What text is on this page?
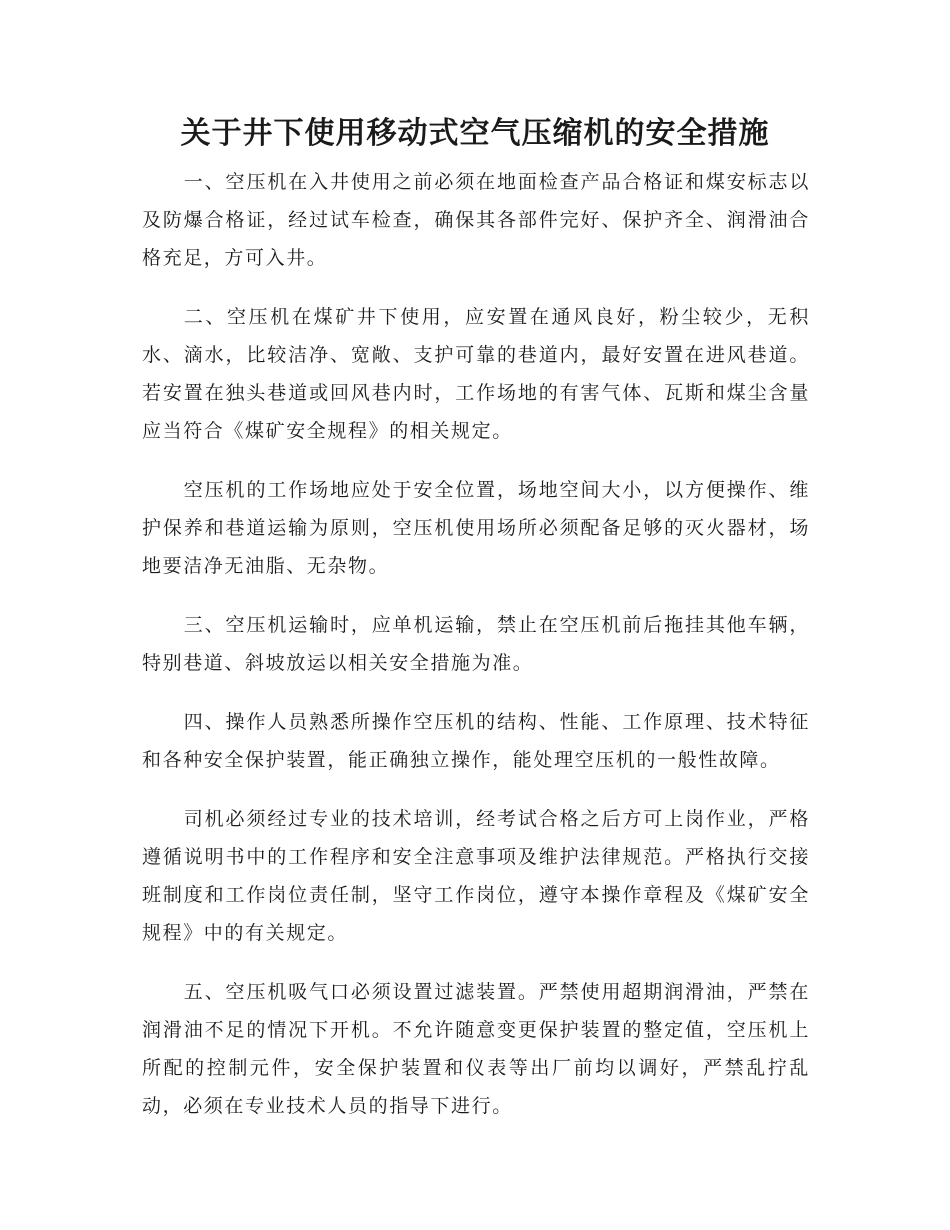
关于井下使用移动式空气压缩机的安全措施

一、空压机在入井使用之前必须在地面检查产品合格证和煤安标志以及防爆合格证，经过试车检查，确保其各部件完好、保护齐全、润滑油合格充足，方可入井。

二、空压机在煤矿井下使用，应安置在通风良好，粉尘较少，无积水、滴水，比较洁净、宽敞、支护可靠的巷道内，最好安置在进风巷道。若安置在独头巷道或回风巷内时，工作场地的有害气体、瓦斯和煤尘含量应当符合《煤矿安全规程》的相关规定。

空压机的工作场地应处于安全位置，场地空间大小，以方便操作、维护保养和巷道运输为原则，空压机使用场所必须配备足够的灭火器材，场地要洁净无油脂、无杂物。

三、空压机运输时，应单机运输，禁止在空压机前后拖挂其他车辆，特别巷道、斜坡放运以相关安全措施为准。

四、操作人员熟悉所操作空压机的结构、性能、工作原理、技术特征和各种安全保护装置，能正确独立操作，能处理空压机的一般性故障。

司机必须经过专业的技术培训，经考试合格之后方可上岗作业，严格遵循说明书中的工作程序和安全注意事项及维护法律规范。严格执行交接班制度和工作岗位责任制，坚守工作岗位，遵守本操作章程及《煤矿安全规程》中的有关规定。

五、空压机吸气口必须设置过滤装置。严禁使用超期润滑油，严禁在润滑油不足的情况下开机。不允许随意变更保护装置的整定值，空压机上所配的控制元件，安全保护装置和仪表等出厂前均以调好，严禁乱拧乱动，必须在专业技术人员的指导下进行。
